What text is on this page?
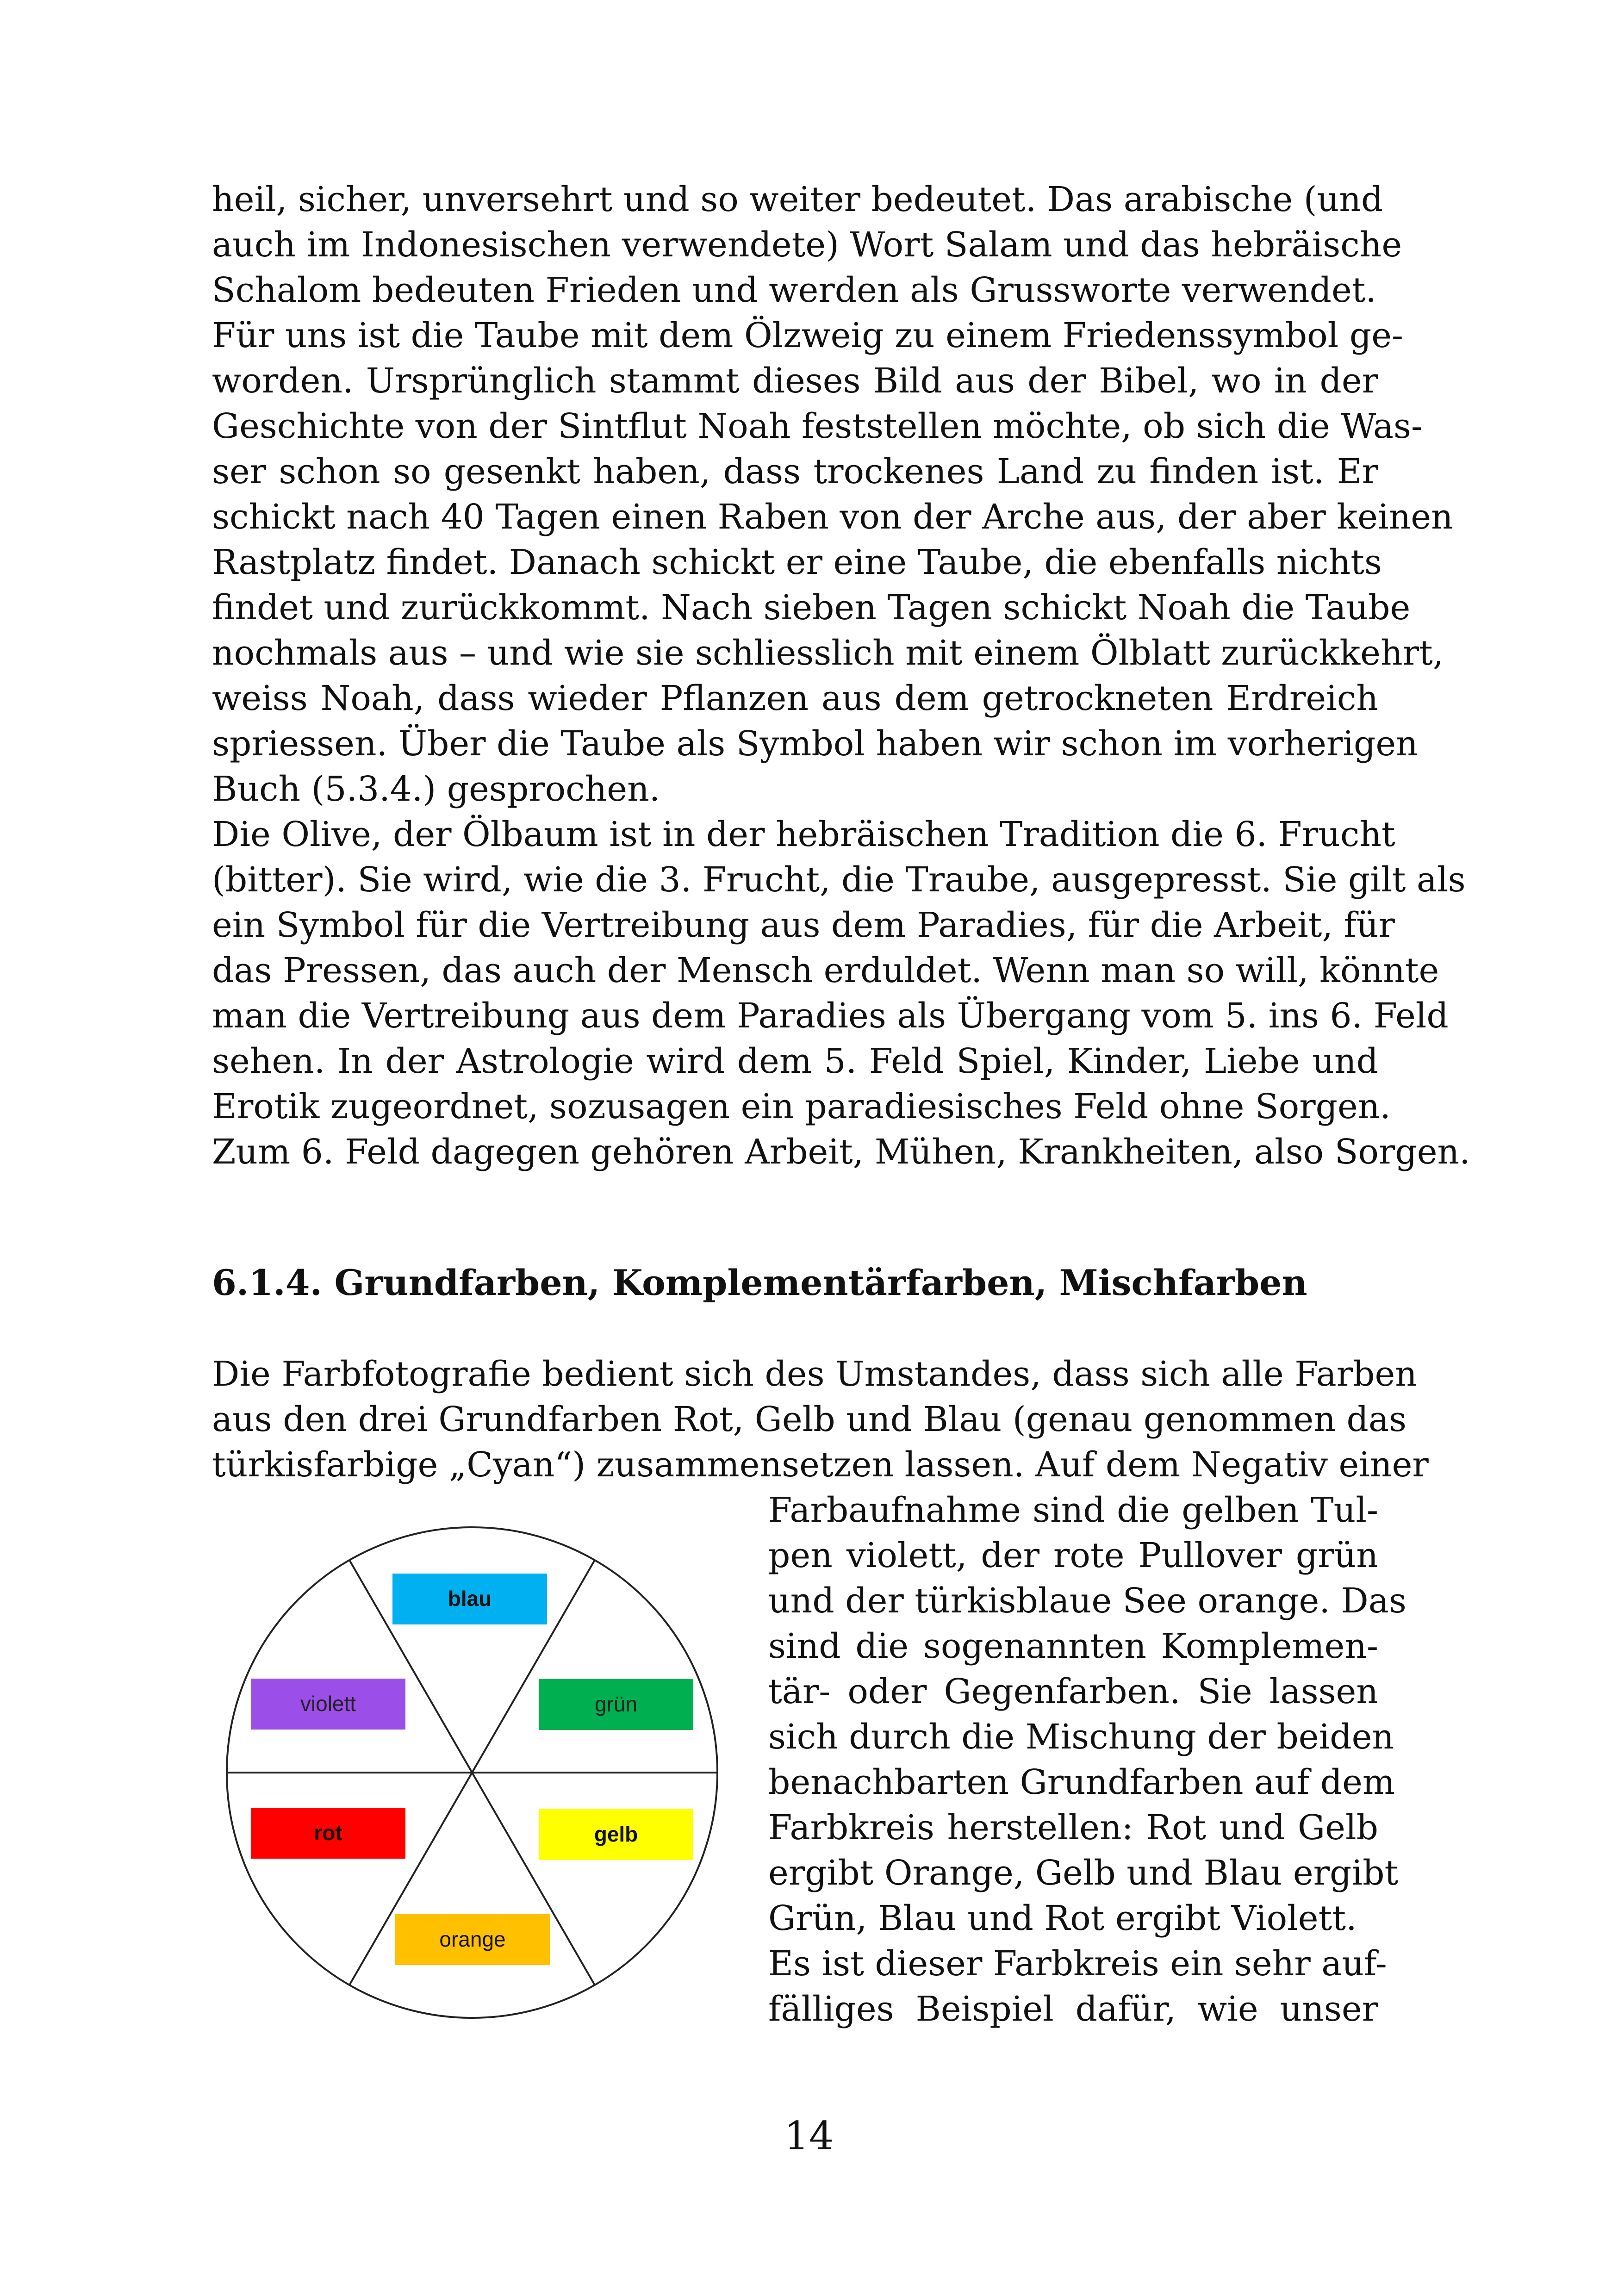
heil, sicher, unversehrt und so weiter bedeutet. Das arabische (und

auch im Indonesischen verwendete) Wort Salam und das hebräische

Schalom bedeuten Frieden und werden als Grussworte verwendet.

Für uns ist die Taube mit dem Ölzweig zu einem Friedenssymbol ge-

worden. Ursprünglich stammt dieses Bild aus der Bibel, wo in der

Geschichte von der Sintflut Noah feststellen möchte, ob sich die Was-

ser schon so gesenkt haben, dass trockenes Land zu finden ist. Er

schickt nach 40 Tagen einen Raben von der Arche aus, der aber keinen

Rastplatz findet. Danach schickt er eine Taube, die ebenfalls nichts

findet und zurückkommt. Nach sieben Tagen schickt Noah die Taube

nochmals aus – und wie sie schliesslich mit einem Ölblatt zurückkehrt,

weiss Noah, dass wieder Pflanzen aus dem getrockneten Erdreich

spriessen. Über die Taube als Symbol haben wir schon im vorherigen

Buch (5.3.4.) gesprochen.

Die Olive, der Ölbaum ist in der hebräischen Tradition die 6. Frucht

(bitter). Sie wird, wie die 3. Frucht, die Traube, ausgepresst. Sie gilt als

ein Symbol für die Vertreibung aus dem Paradies, für die Arbeit, für

das Pressen, das auch der Mensch erduldet. Wenn man so will, könnte

man die Vertreibung aus dem Paradies als Übergang vom 5. ins 6. Feld

sehen. In der Astrologie wird dem 5. Feld Spiel, Kinder, Liebe und

Erotik zugeordnet, sozusagen ein paradiesisches Feld ohne Sorgen.

Zum 6. Feld dagegen gehören Arbeit, Mühen, Krankheiten, also Sorgen.

6.1.4. Grundfarben, Komplementärfarben, Mischfarben

Die Farbfotografie bedient sich des Umstandes, dass sich alle Farben

aus den drei Grundfarben Rot, Gelb und Blau (genau genommen das

türkisfarbige „Cyan“) zusammensetzen lassen. Auf dem Negativ einer

Farbaufnahme sind die gelben Tul-

pen violett, der rote Pullover grün

und der türkisblaue See orange. Das

sind die sogenannten Komplemen-

tär- oder Gegenfarben. Sie lassen

sich durch die Mischung der beiden

benachbarten Grundfarben auf dem

Farbkreis herstellen: Rot und Gelb

ergibt Orange, Gelb und Blau ergibt

Grün, Blau und Rot ergibt Violett.

Es ist dieser Farbkreis ein sehr auf-

fälliges Beispiel dafür, wie unser

blau
grün
gelb
orange
rot
violett
14
